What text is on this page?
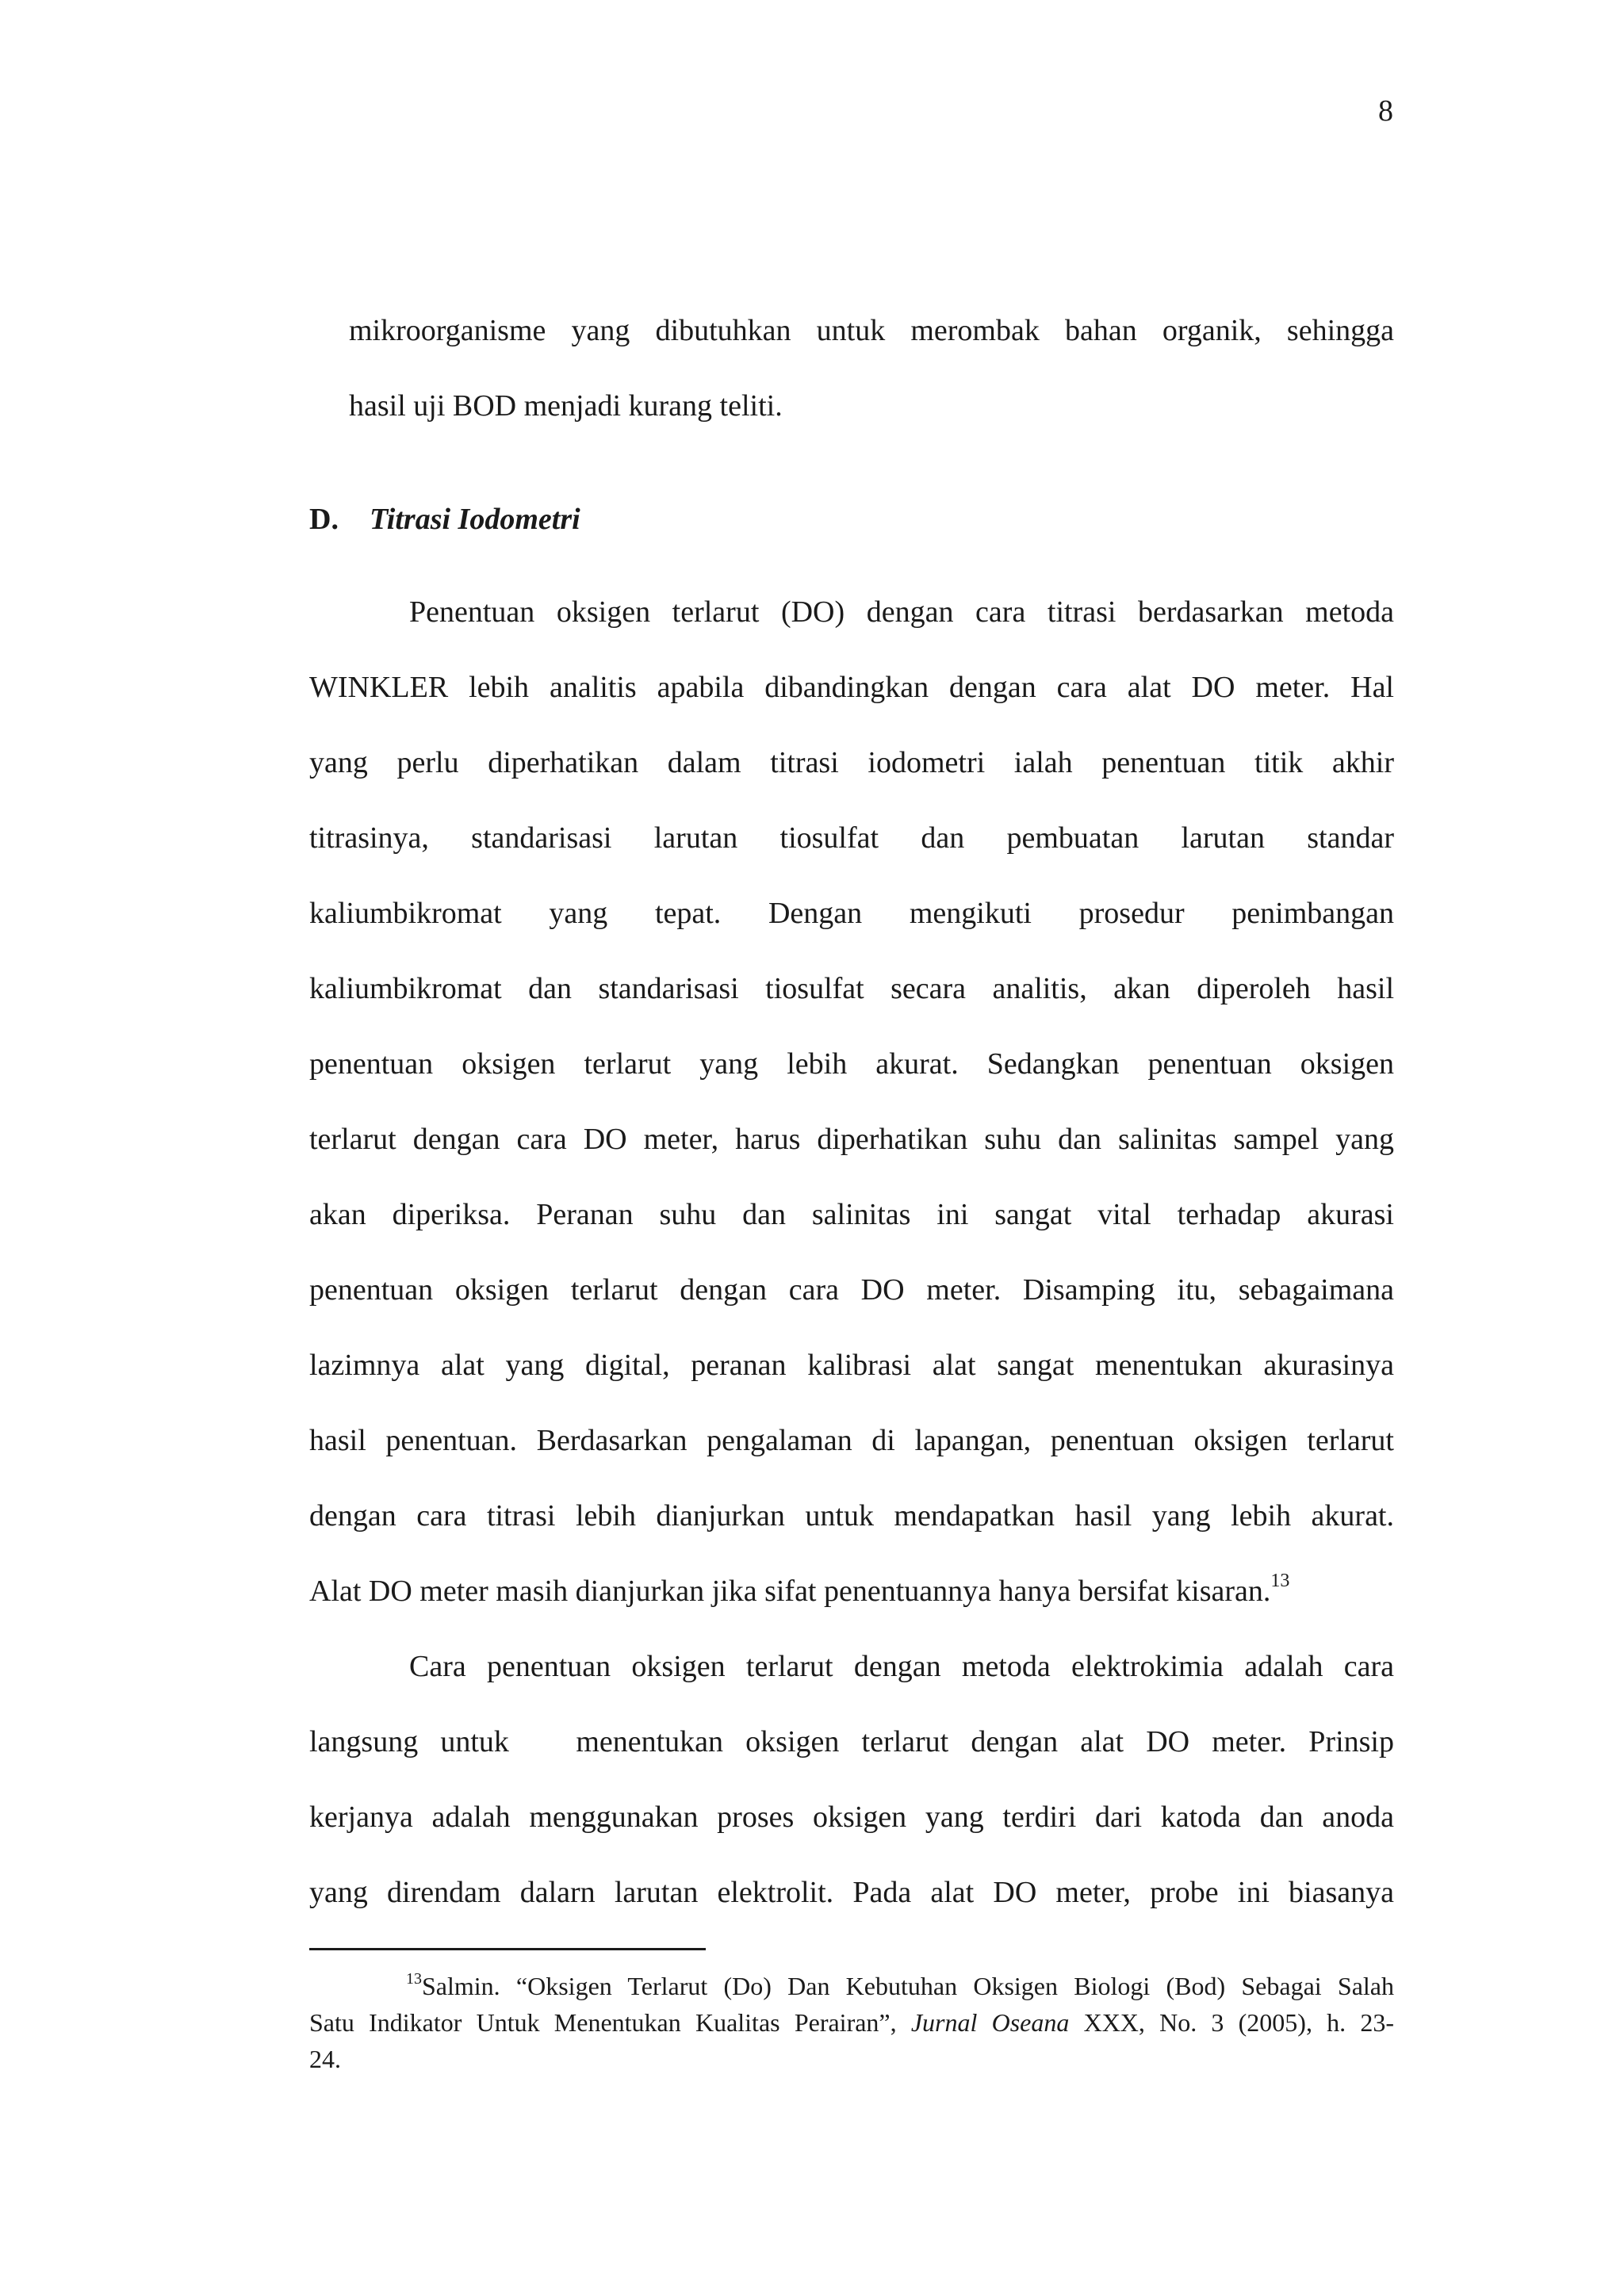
8
mikroorganisme yang dibutuhkan untuk merombak bahan organik, sehingga
hasil uji BOD menjadi kurang teliti.
D. Titrasi Iodometri
Penentuan oksigen terlarut (DO) dengan cara titrasi berdasarkan metoda
WINKLER lebih analitis apabila dibandingkan dengan cara alat DO meter. Hal
yang perlu diperhatikan dalam titrasi iodometri ialah penentuan titik akhir
titrasinya, standarisasi larutan tiosulfat dan pembuatan larutan standar
kaliumbikromat yang tepat. Dengan mengikuti prosedur penimbangan
kaliumbikromat dan standarisasi tiosulfat secara analitis, akan diperoleh hasil
penentuan oksigen terlarut yang lebih akurat. Sedangkan penentuan oksigen
terlarut dengan cara DO meter, harus diperhatikan suhu dan salinitas sampel yang
akan diperiksa. Peranan suhu dan salinitas ini sangat vital terhadap akurasi
penentuan oksigen terlarut dengan cara DO meter. Disamping itu, sebagaimana
lazimnya alat yang digital, peranan kalibrasi alat sangat menentukan akurasinya
hasil penentuan. Berdasarkan pengalaman di lapangan, penentuan oksigen terlarut
dengan cara titrasi lebih dianjurkan untuk mendapatkan hasil yang lebih akurat.
Alat DO meter masih dianjurkan jika sifat penentuannya hanya bersifat kisaran.$^{13}$
Cara penentuan oksigen terlarut dengan metoda elektrokimia adalah cara
langsung untuk   menentukan oksigen terlarut dengan alat DO meter. Prinsip
kerjanya adalah menggunakan proses oksigen yang terdiri dari katoda dan anoda
yang direndam dalarn larutan elektrolit. Pada alat DO meter, probe ini biasanya
$^{13}$Salmin. “Oksigen Terlarut (Do) Dan Kebutuhan Oksigen Biologi (Bod) Sebagai Salah
Satu Indikator Untuk Menentukan Kualitas Perairan”, Jurnal Oseana XXX, No. 3 (2005), h. 23-
24.
